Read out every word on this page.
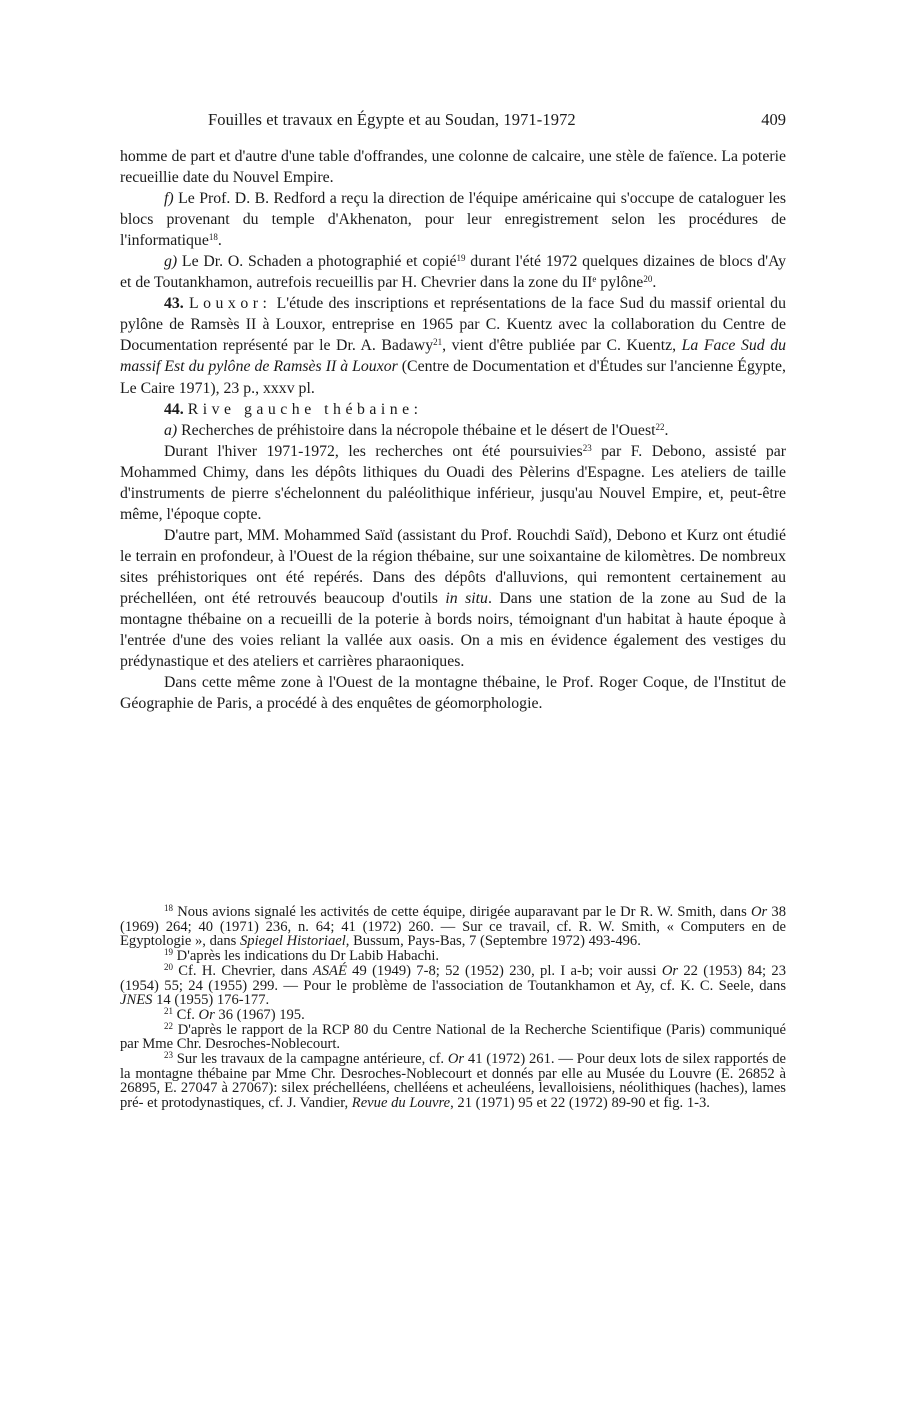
Fouilles et travaux en Égypte et au Soudan, 1971-1972	409

homme de part et d'autre d'une table d'offrandes, une colonne de calcaire, une stèle de faïence. La poterie recueillie date du Nouvel Empire.

f) Le Prof. D. B. Redford a reçu la direction de l'équipe américaine qui s'occupe de cataloguer les blocs provenant du temple d'Akhenaton, pour leur enregistrement selon les procédures de l'informatique$^{18}$.

g) Le Dr. O. Schaden a photographié et copié$^{19}$ durant l'été 1972 quelques dizaines de blocs d'Ay et de Toutankhamon, autrefois recueillis par H. Chevrier dans la zone du IIe pylône$^{20}$.

43. Louxor: L'étude des inscriptions et représentations de la face Sud du massif oriental du pylône de Ramsès II à Louxor, entreprise en 1965 par C. Kuentz avec la collaboration du Centre de Documentation représenté par le Dr. A. Badawy$^{21}$, vient d'être publiée par C. Kuentz, La Face Sud du massif Est du pylône de Ramsès II à Louxor (Centre de Documentation et d'Études sur l'ancienne Égypte, Le Caire 1971), 23 p., xxxv pl.

44. Rive gauche thébaine:

a) Recherches de préhistoire dans la nécropole thébaine et le désert de l'Ouest$^{22}$.

Durant l'hiver 1971-1972, les recherches ont été poursuivies$^{23}$ par F. Debono, assisté par Mohammed Chimy, dans les dépôts lithiques du Ouadi des Pèlerins d'Espagne. Les ateliers de taille d'instruments de pierre s'échelonnent du paléolithique inférieur, jusqu'au Nouvel Empire, et, peut-être même, l'époque copte.

D'autre part, MM. Mohammed Saïd (assistant du Prof. Rouchdi Saïd), Debono et Kurz ont étudié le terrain en profondeur, à l'Ouest de la région thébaine, sur une soixantaine de kilomètres. De nombreux sites préhistoriques ont été repérés. Dans des dépôts d'alluvions, qui remontent certainement au préchelléen, ont été retrouvés beaucoup d'outils in situ. Dans une station de la zone au Sud de la montagne thébaine on a recueilli de la poterie à bords noirs, témoignant d'un habitat à haute époque à l'entrée d'une des voies reliant la vallée aux oasis. On a mis en évidence également des vestiges du prédynastique et des ateliers et carrières pharaoniques.

Dans cette même zone à l'Ouest de la montagne thébaine, le Prof. Roger Coque, de l'Institut de Géographie de Paris, a procédé à des enquêtes de géomorphologie.

$^{18}$ Nous avions signalé les activités de cette équipe, dirigée auparavant par le Dr R. W. Smith, dans Or 38 (1969) 264; 40 (1971) 236, n. 64; 41 (1972) 260. — Sur ce travail, cf. R. W. Smith, « Computers en de Egyptologie », dans Spiegel Historiael, Bussum, Pays-Bas, 7 (Septembre 1972) 493-496.

$^{19}$ D'après les indications du Dr Labib Habachi.

$^{20}$ Cf. H. Chevrier, dans ASAÉ 49 (1949) 7-8; 52 (1952) 230, pl. I a-b; voir aussi Or 22 (1953) 84; 23 (1954) 55; 24 (1955) 299. — Pour le problème de l'association de Toutankhamon et Ay, cf. K. C. Seele, dans JNES 14 (1955) 176-177.

$^{21}$ Cf. Or 36 (1967) 195.

$^{22}$ D'après le rapport de la RCP 80 du Centre National de la Recherche Scientifique (Paris) communiqué par Mme Chr. Desroches-Noblecourt.

$^{23}$ Sur les travaux de la campagne antérieure, cf. Or 41 (1972) 261. — Pour deux lots de silex rapportés de la montagne thébaine par Mme Chr. Desroches-Noblecourt et donnés par elle au Musée du Louvre (E. 26852 à 26895, E. 27047 à 27067): silex préchelléens, chelléens et acheuléens, levalloisiens, néolithiques (haches), lames pré- et protodynastiques, cf. J. Vandier, Revue du Louvre, 21 (1971) 95 et 22 (1972) 89-90 et fig. 1-3.
